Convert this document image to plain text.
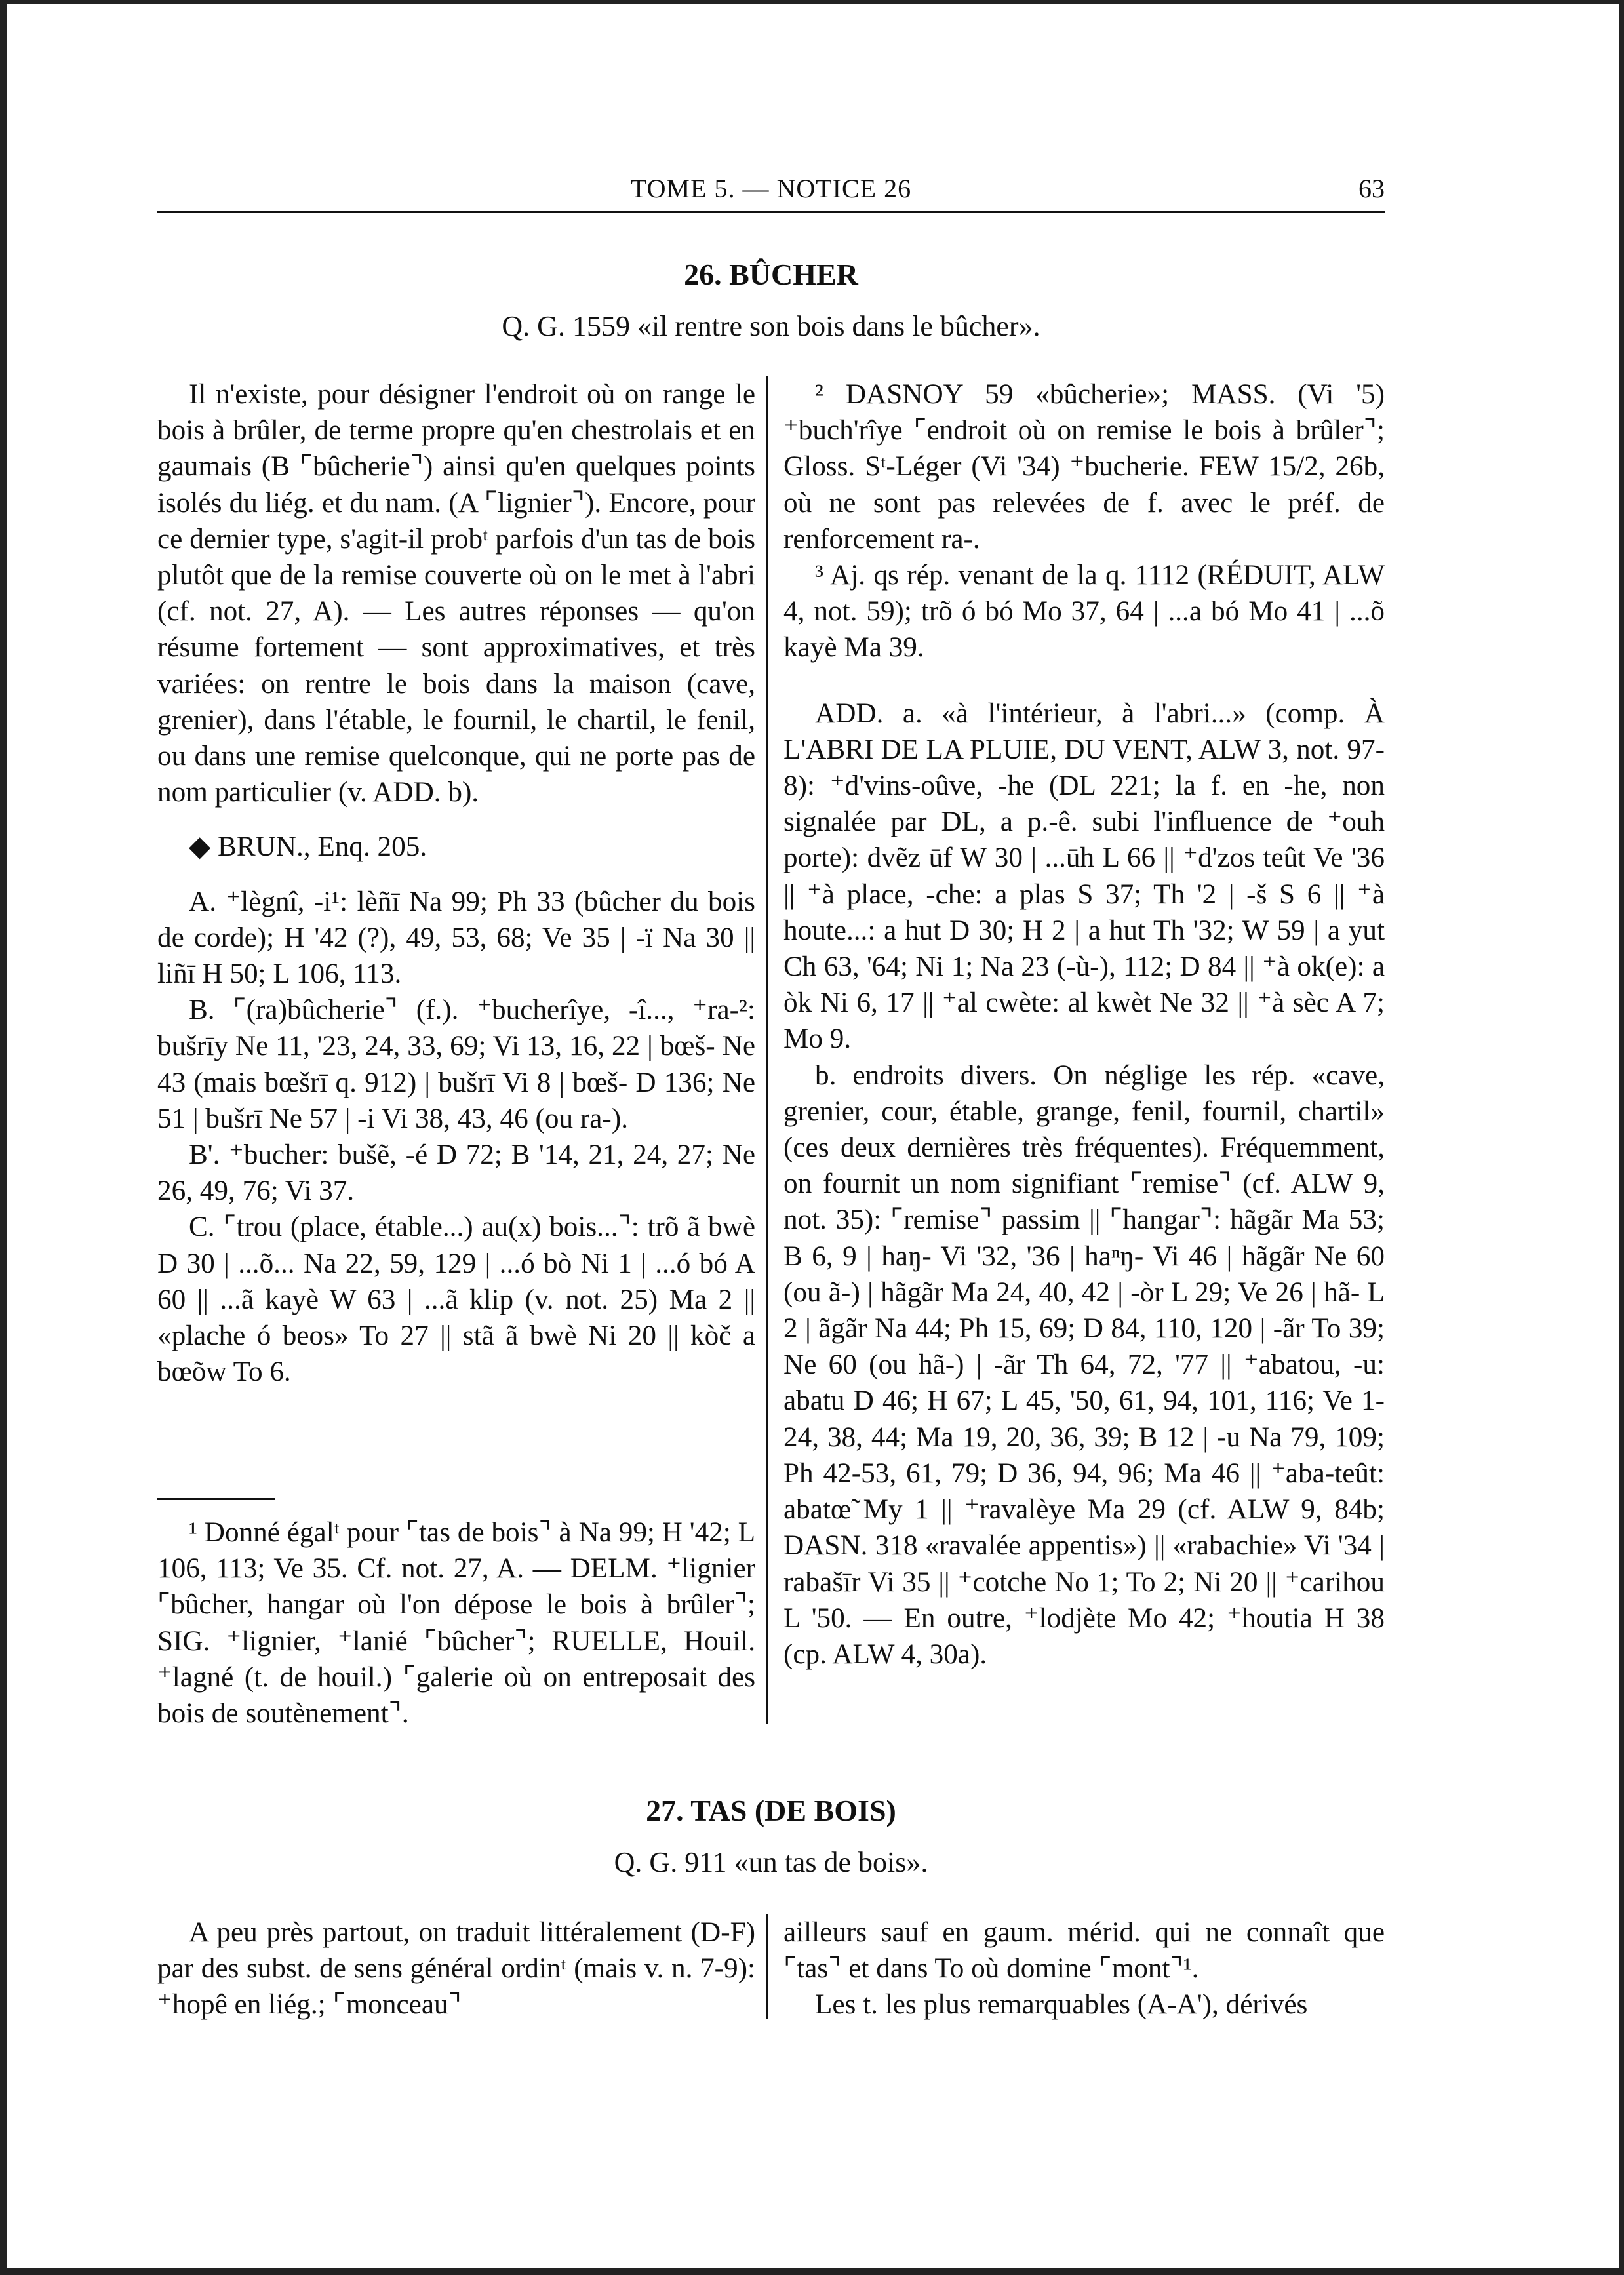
TOME 5. — NOTICE 26	63
26. BÛCHER
Q. G. 1559 «il rentre son bois dans le bûcher».

Il n'existe, pour désigner l'endroit où on range le bois à brûler, de terme propre qu'en chestrolais et en gaumais (B ⌜bûcherie⌝) ainsi qu'en quelques points isolés du liég. et du nam. (A ⌜lignier⌝). Encore, pour ce dernier type, s'agit-il probᵗ parfois d'un tas de bois plutôt que de la remise couverte où on le met à l'abri (cf. not. 27, A). — Les autres réponses — qu'on résume fortement — sont approximatives, et très variées: on rentre le bois dans la maison (cave, grenier), dans l'étable, le fournil, le chartil, le fenil, ou dans une remise quelconque, qui ne porte pas de nom particulier (v. ADD. b).

◆ BRUN., Enq. 205.

A. ⁺lègnî, -i¹: lèñī Na 99; Ph 33 (bûcher du bois de corde); H '42 (?), 49, 53, 68; Ve 35 | -ï Na 30 || liñī H 50; L 106, 113.

B. ⌜(ra)bûcherie⌝ (f.). ⁺bucherîye, -î..., ⁺ra-²: bušrīy Ne 11, '23, 24, 33, 69; Vi 13, 16, 22 | bœš- Ne 43 (mais bœšrī q. 912) | bušrī Vi 8 | bœš- D 136; Ne 51 | bušrī Ne 57 | -i Vi 38, 43, 46 (ou ra-).

B'. ⁺bucher: bušẽ, -é D 72; B '14, 21, 24, 27; Ne 26, 49, 76; Vi 37.

C. ⌜trou (place, étable...) au(x) bois...⌝: trõ ã bwè D 30 | ...õ... Na 22, 59, 129 | ...ó bò Ni 1 | ...ó bó A 60 || ...ã kayè W 63 | ...ã klip (v. not. 25) Ma 2 || «plache ó beos» To 27 || stã ã bwè Ni 20 || kòč a bœõw To 6.

¹ Donné égalᵗ pour ⌜tas de bois⌝ à Na 99; H '42; L 106, 113; Ve 35. Cf. not. 27, A. — DELM. ⁺lignier ⌜bûcher, hangar où l'on dépose le bois à brûler⌝; SIG. ⁺lignier, ⁺lanié ⌜bûcher⌝; RUELLE, Houil. ⁺lagné (t. de houil.) ⌜galerie où on entreposait des bois de soutènement⌝.

² DASNOY 59 «bûcherie»; MASS. (Vi '5) ⁺buch'rîye ⌜endroit où on remise le bois à brûler⌝; Gloss. Sᵗ-Léger (Vi '34) ⁺bucherie. FEW 15/2, 26b, où ne sont pas relevées de f. avec le préf. de renforcement ra-.

³ Aj. qs rép. venant de la q. 1112 (RÉDUIT, ALW 4, not. 59); trõ ó bó Mo 37, 64 | ...a bó Mo 41 | ...õ kayè Ma 39.

ADD. a. «à l'intérieur, à l'abri...» (comp. À L'ABRI DE LA PLUIE, DU VENT, ALW 3, not. 97-8): ⁺d'vins-oûve, -he (DL 221; la f. en -he, non signalée par DL, a p.-ê. subi l'influence de ⁺ouh porte): dvẽz ūf W 30 | ...ūh L 66 || ⁺d'zos teût Ve '36 || ⁺à place, -che: a plas S 37; Th '2 | -š S 6 || ⁺à houte...: a hut D 30; H 2 | a hut Th '32; W 59 | a yut Ch 63, '64; Ni 1; Na 23 (-ù-), 112; D 84 || ⁺à ok(e): a òk Ni 6, 17 || ⁺al cwète: al kwèt Ne 32 || ⁺à sèc A 7; Mo 9.

b. endroits divers. On néglige les rép. «cave, grenier, cour, étable, grange, fenil, fournil, chartil» (ces deux dernières très fréquentes). Fréquemment, on fournit un nom signifiant ⌜remise⌝ (cf. ALW 9, not. 35): ⌜remise⌝ passim || ⌜hangar⌝: hãgãr Ma 53; B 6, 9 | haŋ- Vi '32, '36 | haⁿŋ- Vi 46 | hãgãr Ne 60 (ou ã-) | hãgãr Ma 24, 40, 42 | -òr L 29; Ve 26 | hã- L 2 | ãgãr Na 44; Ph 15, 69; D 84, 110, 120 | -ãr To 39; Ne 60 (ou hã-) | -ãr Th 64, 72, '77 || ⁺abatou, -u: abatu D 46; H 67; L 45, '50, 61, 94, 101, 116; Ve 1-24, 38, 44; Ma 19, 20, 36, 39; B 12 | -u Na 79, 109; Ph 42-53, 61, 79; D 36, 94, 96; Ma 46 || ⁺aba-teût: abatœ̃ My 1 || ⁺ravalèye Ma 29 (cf. ALW 9, 84b; DASN. 318 «ravalée appentis») || «rabachie» Vi '34 | rabašīr Vi 35 || ⁺cotche No 1; To 2; Ni 20 || ⁺carihou L '50. — En outre, ⁺lodjète Mo 42; ⁺houtia H 38 (cp. ALW 4, 30a).

27. TAS (DE BOIS)
Q. G. 911 «un tas de bois».

A peu près partout, on traduit littéralement (D-F) par des subst. de sens général ordinᵗ (mais v. n. 7-9): ⁺hopê en liég.; ⌜monceau⌝

ailleurs sauf en gaum. mérid. qui ne connaît que ⌜tas⌝ et dans To où domine ⌜mont⌝¹.

Les t. les plus remarquables (A-A'), dérivés
